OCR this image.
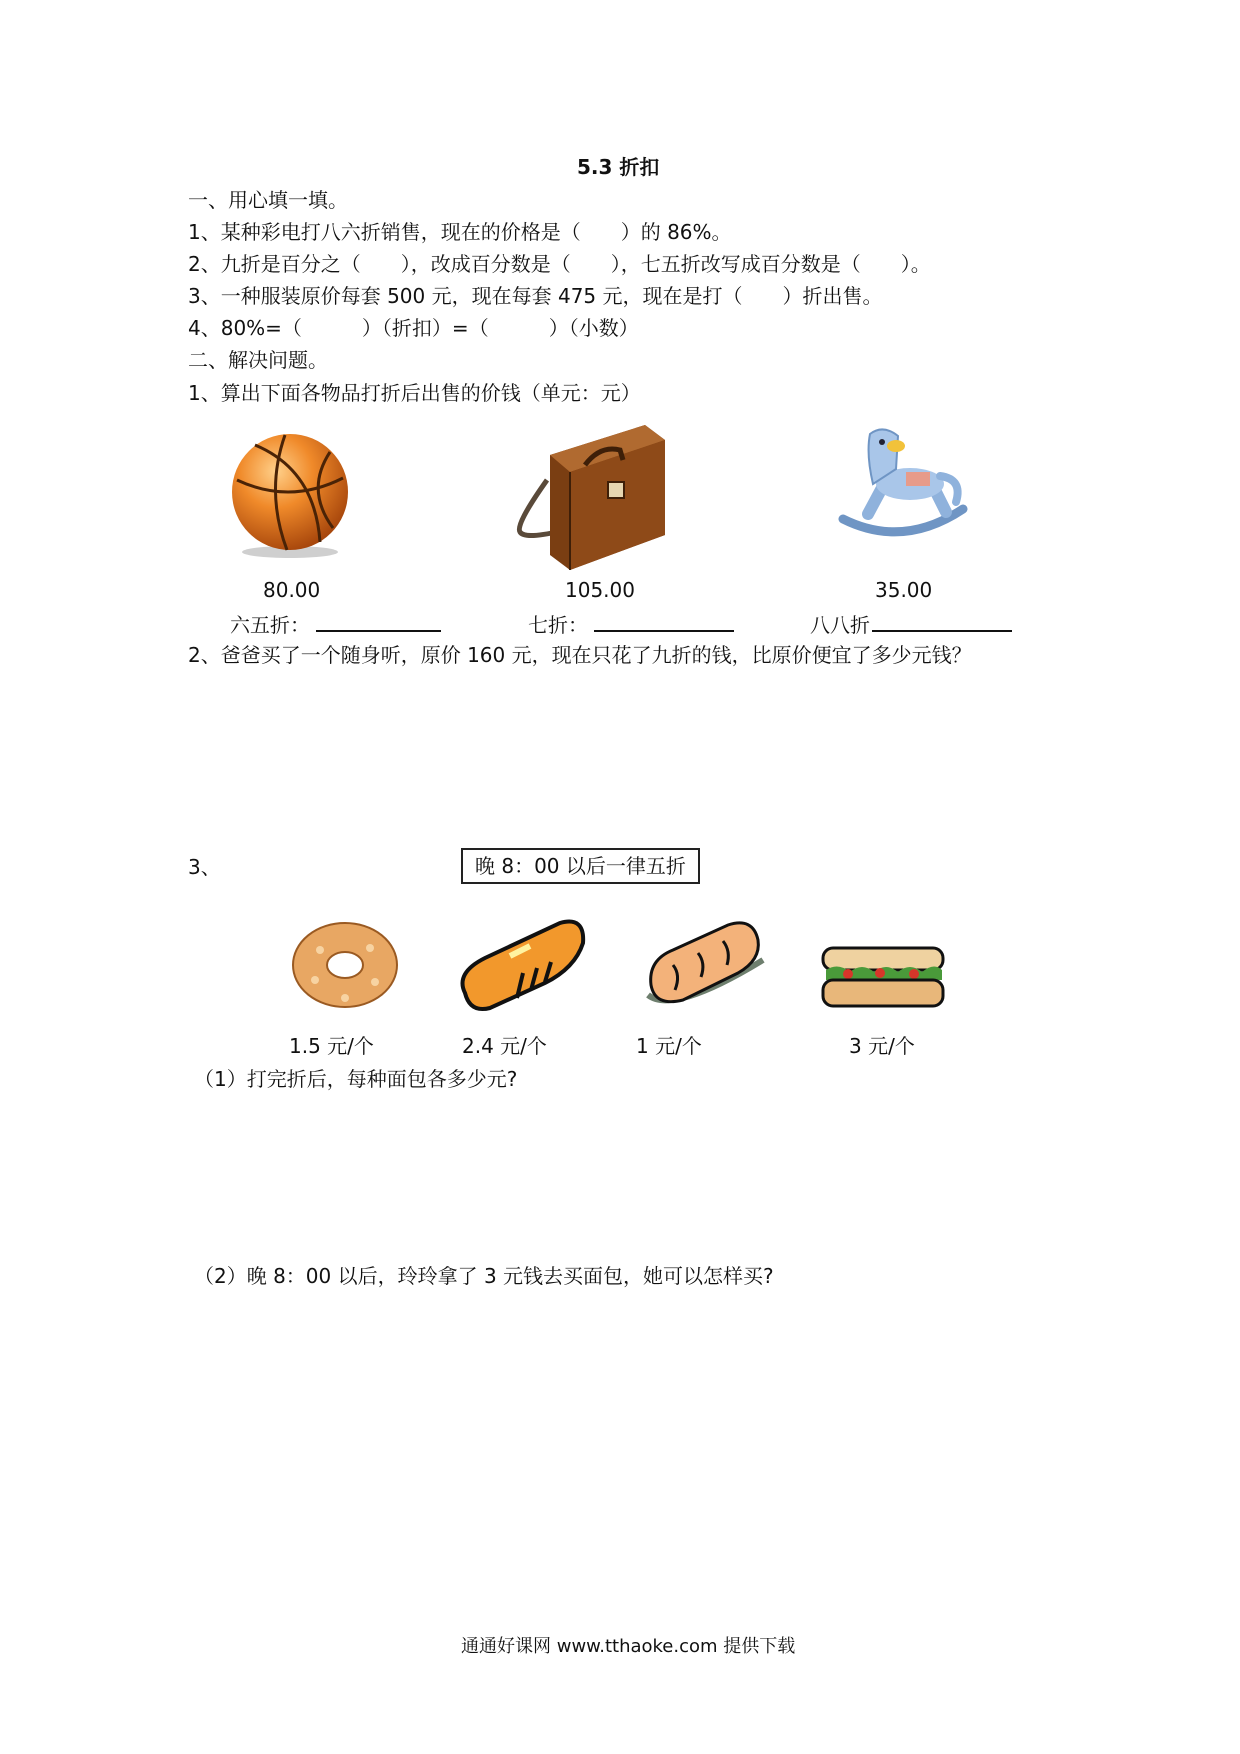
5.3 折扣
一、用心填一填。
1、某种彩电打八六折销售，现在的价格是（　　）的 86%。
2、九折是百分之（　　），改成百分数是（　　），七五折改写成百分数是（　　）。
3、一种服装原价每套 500 元，现在每套 475 元，现在是打（　　）折出售。
4、80%=（　　　）（折扣）=（　　　）（小数）
二、解决问题。
1、算出下面各物品打折后出售的价钱（单元：元）
80.00	105.00	35.00
六五折：	七折：	八八折
2、爸爸买了一个随身听，原价 160 元，现在只花了九折的钱，比原价便宜了多少元钱？
3、	晚 8：00 以后一律五折
1.5 元/个	2.4 元/个	1 元/个	3 元/个
（1）打完折后，每种面包各多少元?
（2）晚 8：00 以后，玲玲拿了 3 元钱去买面包，她可以怎样买?
通通好课网 www.tthaoke.com 提供下载
